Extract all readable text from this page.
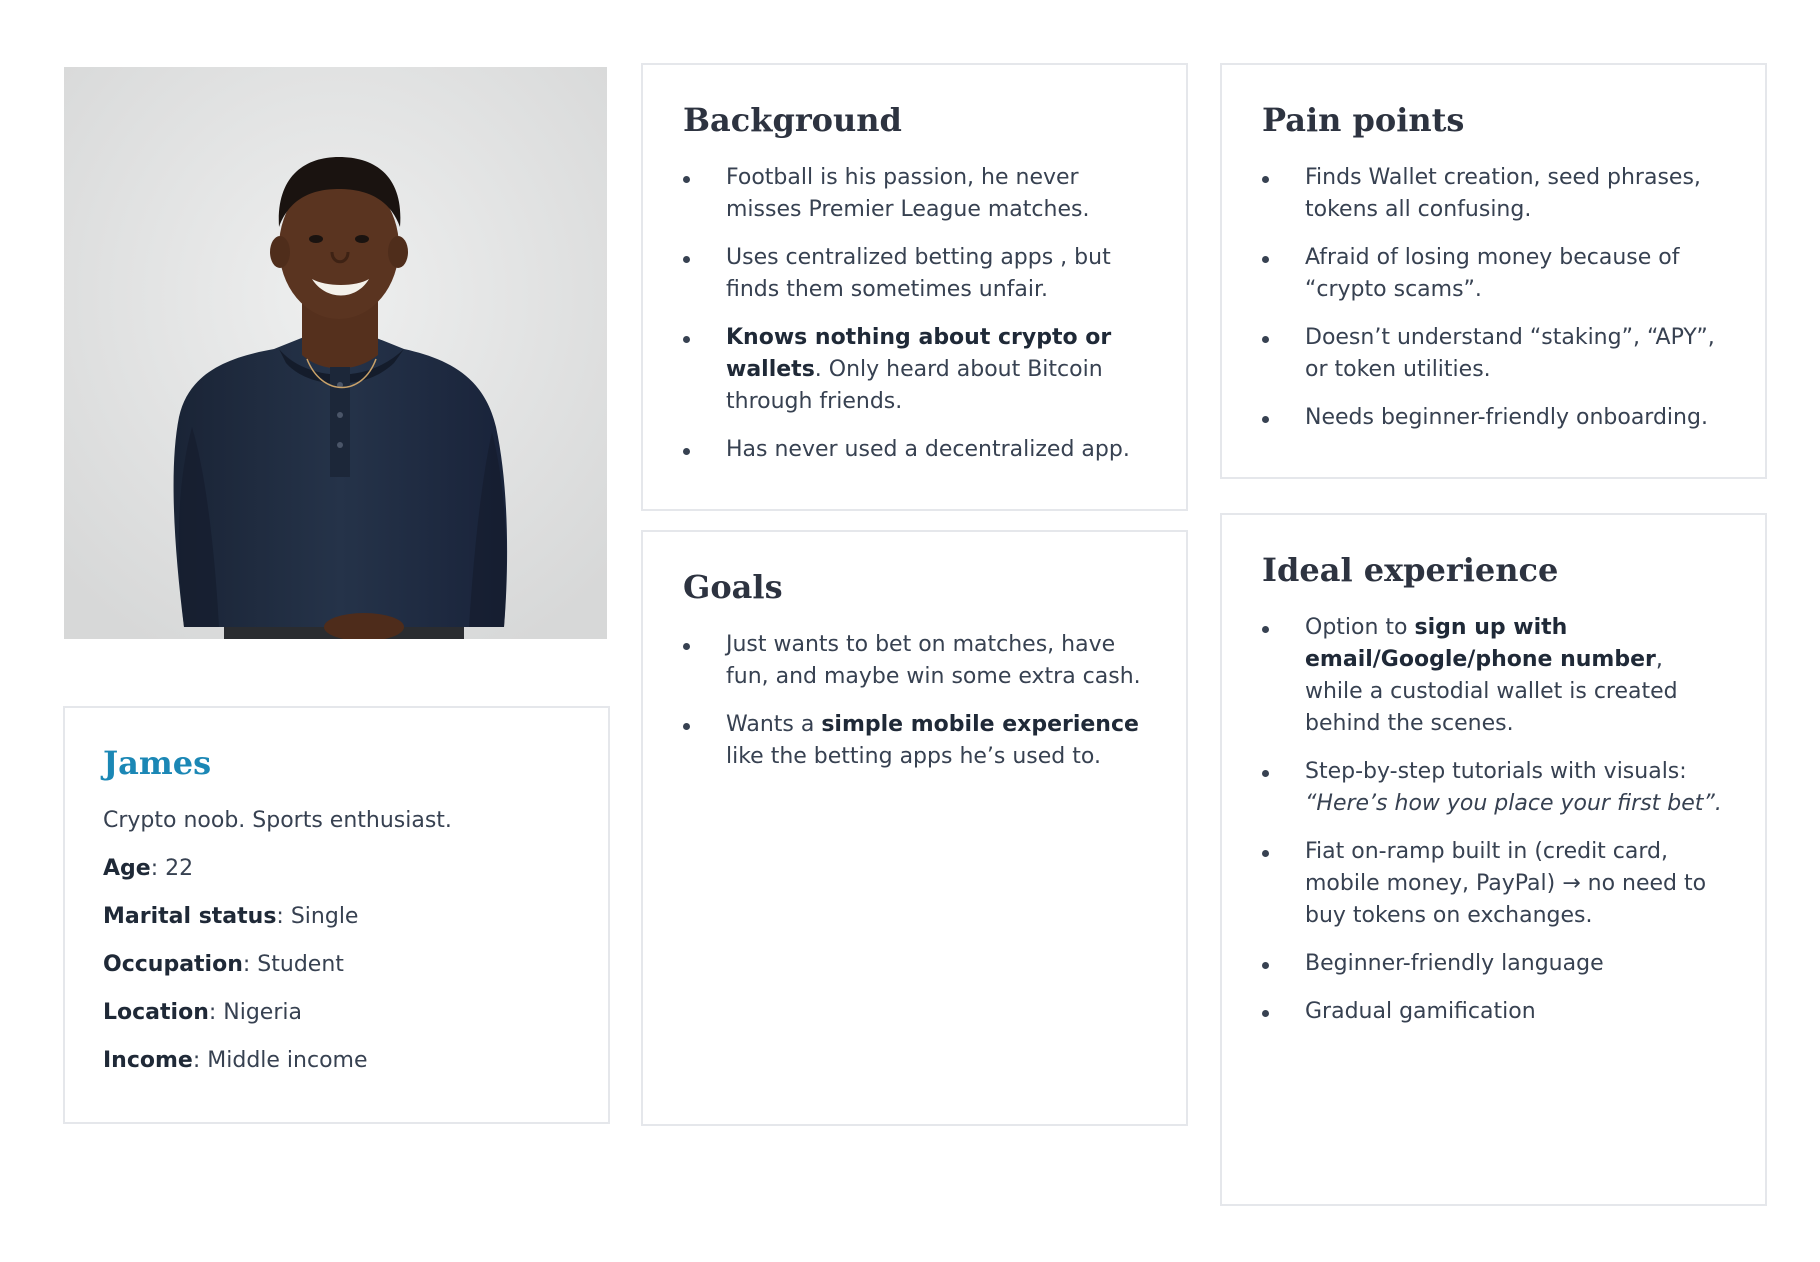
James

Crypto noob. Sports enthusiast.

Age: 22

Marital status: Single

Occupation: Student

Location: Nigeria

Income: Middle income

Background
Football is his passion, he never misses Premier League matches.
Uses centralized betting apps , but finds them sometimes unfair.
Knows nothing about crypto or wallets. Only heard about Bitcoin through friends.
Has never used a decentralized app.
Goals
Just wants to bet on matches, have fun, and maybe win some extra cash.
Wants a simple mobile experience like the betting apps he’s used to.
Pain points
Finds Wallet creation, seed phrases, tokens all confusing.
Afraid of losing money because of “crypto scams”.
Doesn’t understand “staking”, “APY”, or token utilities.
Needs beginner-friendly onboarding.
Ideal experience
Option to sign up with email/Google/phone number, while a custodial wallet is created behind the scenes.
Step-by-step tutorials with visuals: “Here’s how you place your first bet”.
Fiat on-ramp built in (credit card, mobile money, PayPal) → no need to buy tokens on exchanges.
Beginner-friendly language
Gradual gamification
